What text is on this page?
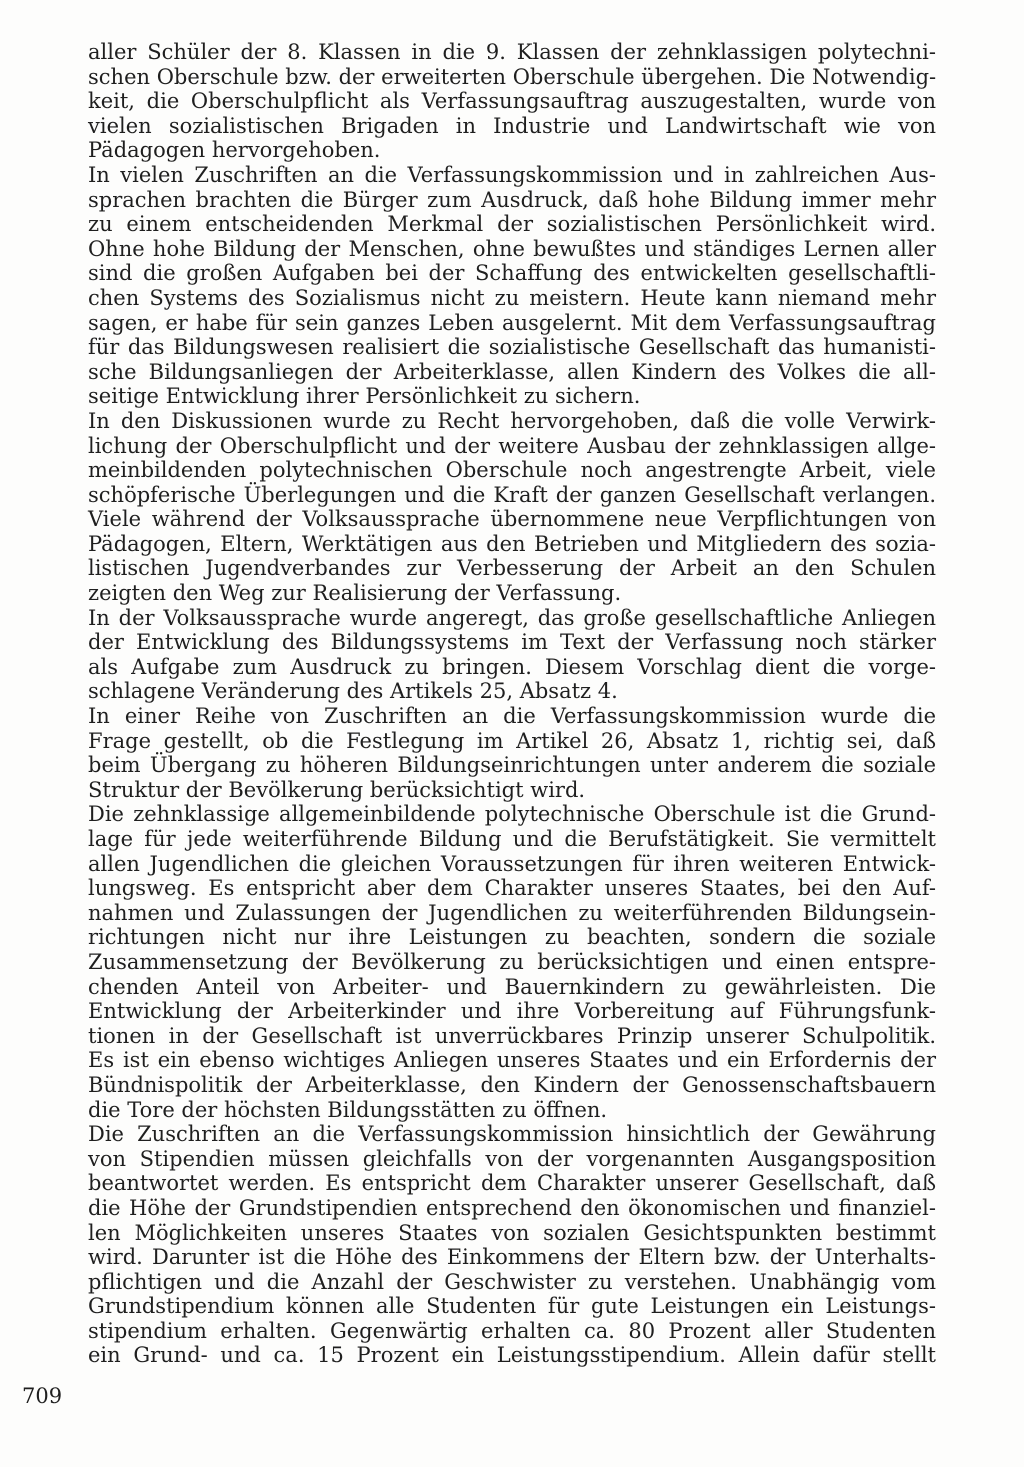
aller Schüler der 8. Klassen in die 9. Klassen der zehnklassigen polytechni-
schen Oberschule bzw. der erweiterten Oberschule übergehen. Die Notwendig-
keit, die Oberschulpflicht als Verfassungsauftrag auszugestalten, wurde von
vielen sozialistischen Brigaden in Industrie und Landwirtschaft wie von
Pädagogen hervorgehoben.
In vielen Zuschriften an die Verfassungskommission und in zahlreichen Aus-
sprachen brachten die Bürger zum Ausdruck, daß hohe Bildung immer mehr
zu einem entscheidenden Merkmal der sozialistischen Persönlichkeit wird.
Ohne hohe Bildung der Menschen, ohne bewußtes und ständiges Lernen aller
sind die großen Aufgaben bei der Schaffung des entwickelten gesellschaftli-
chen Systems des Sozialismus nicht zu meistern. Heute kann niemand mehr
sagen, er habe für sein ganzes Leben ausgelernt. Mit dem Verfassungsauftrag
für das Bildungswesen realisiert die sozialistische Gesellschaft das humanisti-
sche Bildungsanliegen der Arbeiterklasse, allen Kindern des Volkes die all-
seitige Entwicklung ihrer Persönlichkeit zu sichern.
In den Diskussionen wurde zu Recht hervorgehoben, daß die volle Verwirk-
lichung der Oberschulpflicht und der weitere Ausbau der zehnklassigen allge-
meinbildenden polytechnischen Oberschule noch angestrengte Arbeit, viele
schöpferische Überlegungen und die Kraft der ganzen Gesellschaft verlangen.
Viele während der Volksaussprache übernommene neue Verpflichtungen von
Pädagogen, Eltern, Werktätigen aus den Betrieben und Mitgliedern des sozia-
listischen Jugendverbandes zur Verbesserung der Arbeit an den Schulen
zeigten den Weg zur Realisierung der Verfassung.
In der Volksaussprache wurde angeregt, das große gesellschaftliche Anliegen
der Entwicklung des Bildungssystems im Text der Verfassung noch stärker
als Aufgabe zum Ausdruck zu bringen. Diesem Vorschlag dient die vorge-
schlagene Veränderung des Artikels 25, Absatz 4.
In einer Reihe von Zuschriften an die Verfassungskommission wurde die
Frage gestellt, ob die Festlegung im Artikel 26, Absatz 1, richtig sei, daß
beim Übergang zu höheren Bildungseinrichtungen unter anderem die soziale
Struktur der Bevölkerung berücksichtigt wird.
Die zehnklassige allgemeinbildende polytechnische Oberschule ist die Grund-
lage für jede weiterführende Bildung und die Berufstätigkeit. Sie vermittelt
allen Jugendlichen die gleichen Voraussetzungen für ihren weiteren Entwick-
lungsweg. Es entspricht aber dem Charakter unseres Staates, bei den Auf-
nahmen und Zulassungen der Jugendlichen zu weiterführenden Bildungsein-
richtungen nicht nur ihre Leistungen zu beachten, sondern die soziale
Zusammensetzung der Bevölkerung zu berücksichtigen und einen entspre-
chenden Anteil von Arbeiter- und Bauernkindern zu gewährleisten. Die
Entwicklung der Arbeiterkinder und ihre Vorbereitung auf Führungsfunk-
tionen in der Gesellschaft ist unverrückbares Prinzip unserer Schulpolitik.
Es ist ein ebenso wichtiges Anliegen unseres Staates und ein Erfordernis der
Bündnispolitik der Arbeiterklasse, den Kindern der Genossenschaftsbauern
die Tore der höchsten Bildungsstätten zu öffnen.
Die Zuschriften an die Verfassungskommission hinsichtlich der Gewährung
von Stipendien müssen gleichfalls von der vorgenannten Ausgangsposition
beantwortet werden. Es entspricht dem Charakter unserer Gesellschaft, daß
die Höhe der Grundstipendien entsprechend den ökonomischen und finanziel-
len Möglichkeiten unseres Staates von sozialen Gesichtspunkten bestimmt
wird. Darunter ist die Höhe des Einkommens der Eltern bzw. der Unterhalts-
pflichtigen und die Anzahl der Geschwister zu verstehen. Unabhängig vom
Grundstipendium können alle Studenten für gute Leistungen ein Leistungs-
stipendium erhalten. Gegenwärtig erhalten ca. 80 Prozent aller Studenten
ein Grund- und ca. 15 Prozent ein Leistungsstipendium. Allein dafür stellt
709
